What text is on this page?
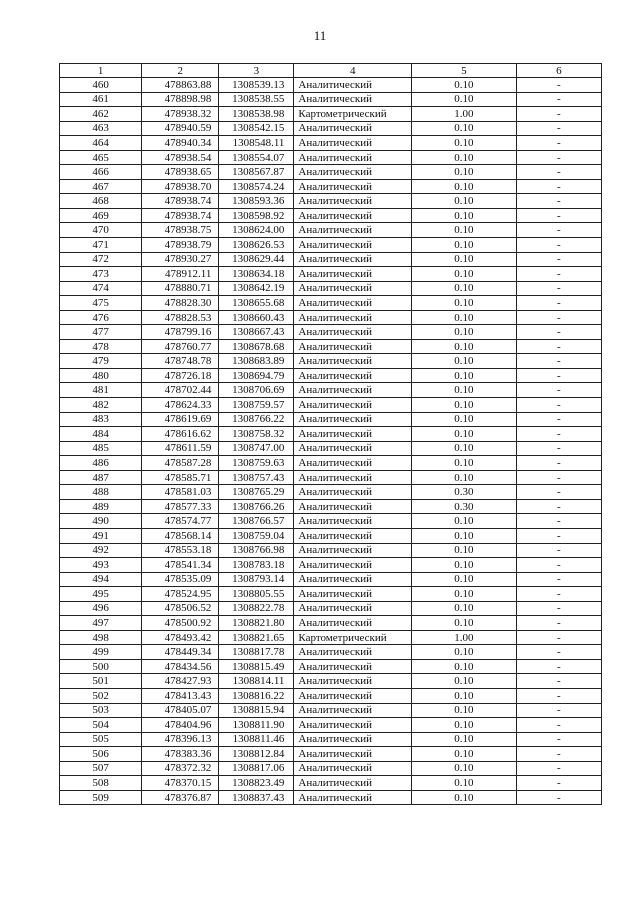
11
1	2	3	4	5	6
460	478863.88	1308539.13	Аналитический	0.10	-
461	478898.98	1308538.55	Аналитический	0.10	-
462	478938.32	1308538.98	Картометрический	1.00	-
463	478940.59	1308542.15	Аналитический	0.10	-
464	478940.34	1308548.11	Аналитический	0.10	-
465	478938.54	1308554.07	Аналитический	0.10	-
466	478938.65	1308567.87	Аналитический	0.10	-
467	478938.70	1308574.24	Аналитический	0.10	-
468	478938.74	1308593.36	Аналитический	0.10	-
469	478938.74	1308598.92	Аналитический	0.10	-
470	478938.75	1308624.00	Аналитический	0.10	-
471	478938.79	1308626.53	Аналитический	0.10	-
472	478930.27	1308629.44	Аналитический	0.10	-
473	478912.11	1308634.18	Аналитический	0.10	-
474	478880.71	1308642.19	Аналитический	0.10	-
475	478828.30	1308655.68	Аналитический	0.10	-
476	478828.53	1308660.43	Аналитический	0.10	-
477	478799.16	1308667.43	Аналитический	0.10	-
478	478760.77	1308678.68	Аналитический	0.10	-
479	478748.78	1308683.89	Аналитический	0.10	-
480	478726.18	1308694.79	Аналитический	0.10	-
481	478702.44	1308706.69	Аналитический	0.10	-
482	478624.33	1308759.57	Аналитический	0.10	-
483	478619.69	1308766.22	Аналитический	0.10	-
484	478616.62	1308758.32	Аналитический	0.10	-
485	478611.59	1308747.00	Аналитический	0.10	-
486	478587.28	1308759.63	Аналитический	0.10	-
487	478585.71	1308757.43	Аналитический	0.10	-
488	478581.03	1308765.29	Аналитический	0.30	-
489	478577.33	1308766.26	Аналитический	0.30	-
490	478574.77	1308766.57	Аналитический	0.10	-
491	478568.14	1308759.04	Аналитический	0.10	-
492	478553.18	1308766.98	Аналитический	0.10	-
493	478541.34	1308783.18	Аналитический	0.10	-
494	478535.09	1308793.14	Аналитический	0.10	-
495	478524.95	1308805.55	Аналитический	0.10	-
496	478506.52	1308822.78	Аналитический	0.10	-
497	478500.92	1308821.80	Аналитический	0.10	-
498	478493.42	1308821.65	Картометрический	1.00	-
499	478449.34	1308817.78	Аналитический	0.10	-
500	478434.56	1308815.49	Аналитический	0.10	-
501	478427.93	1308814.11	Аналитический	0.10	-
502	478413.43	1308816.22	Аналитический	0.10	-
503	478405.07	1308815.94	Аналитический	0.10	-
504	478404.96	1308811.90	Аналитический	0.10	-
505	478396.13	1308811.46	Аналитический	0.10	-
506	478383.36	1308812.84	Аналитический	0.10	-
507	478372.32	1308817.06	Аналитический	0.10	-
508	478370.15	1308823.49	Аналитический	0.10	-
509	478376.87	1308837.43	Аналитический	0.10	-
